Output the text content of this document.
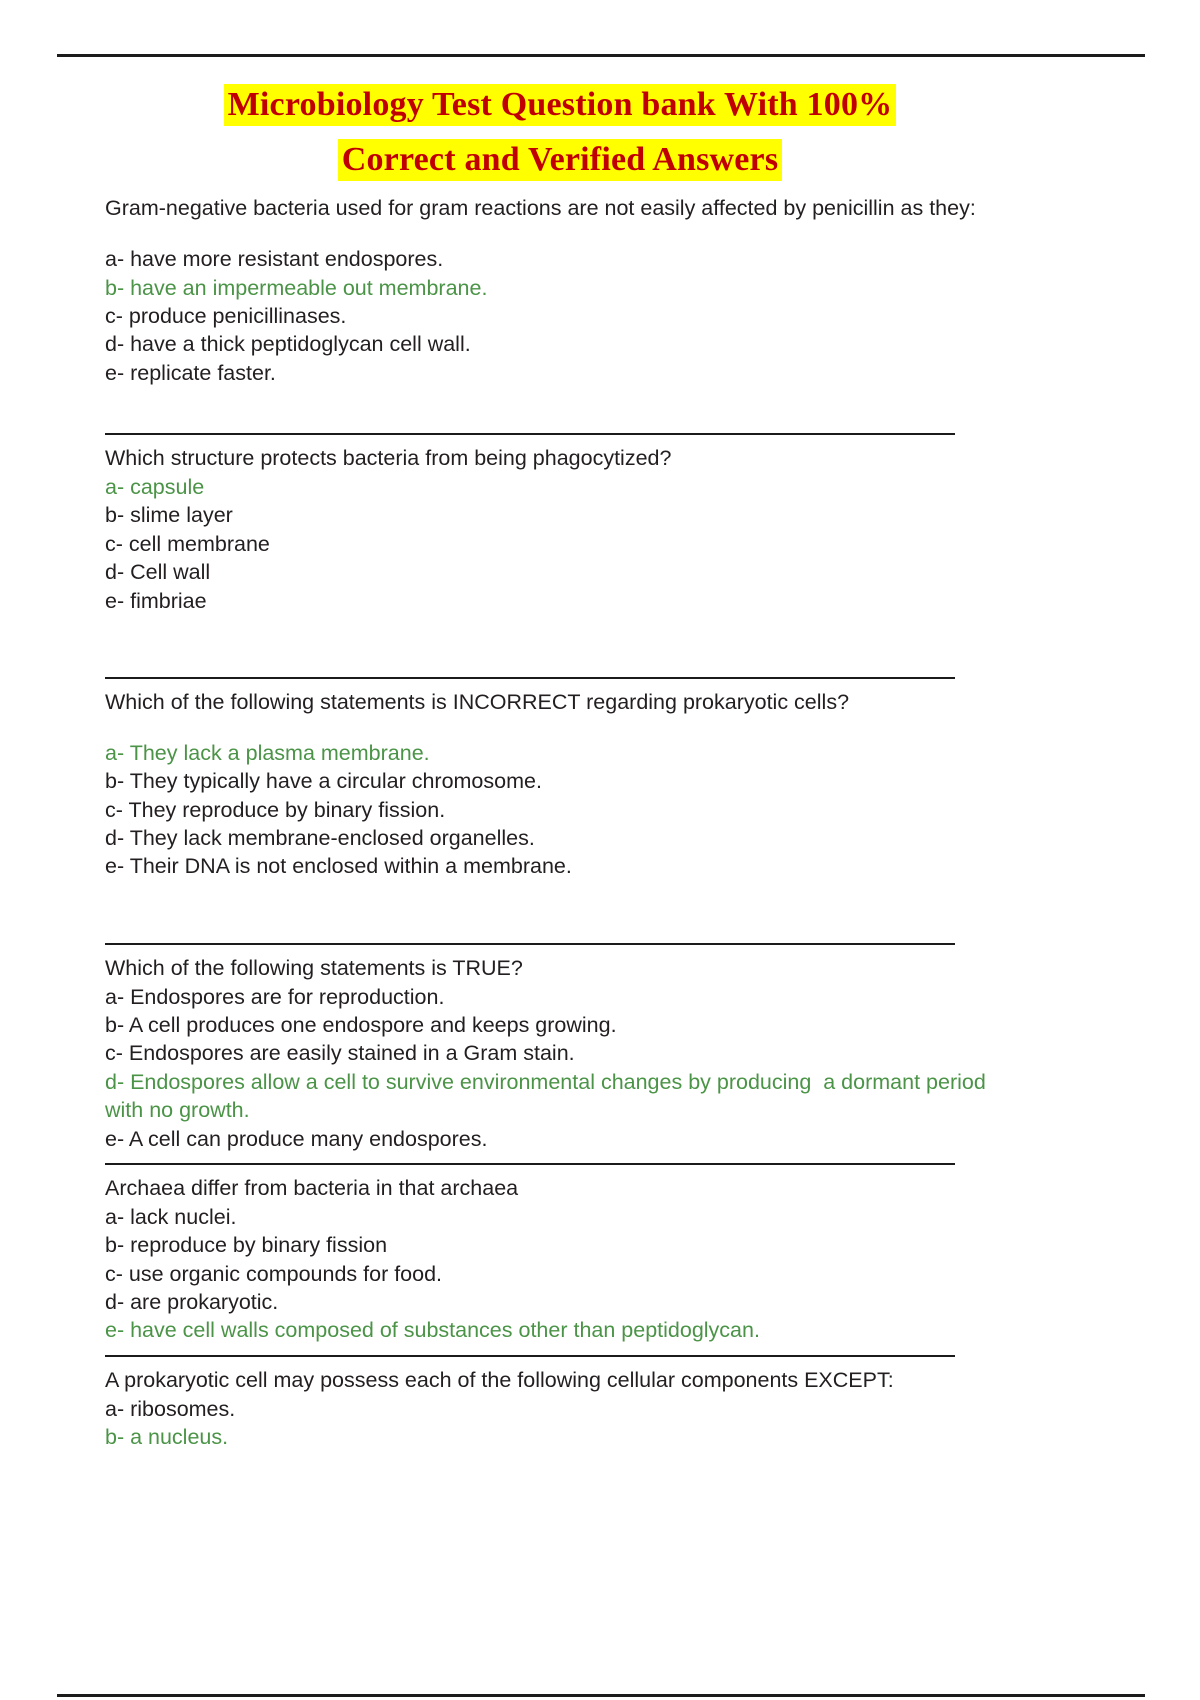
Microbiology Test Question bank With 100%
Correct and Verified Answers

Gram-negative bacteria used for gram reactions are not easily affected by penicillin as they:

a- have more resistant endospores.
b- have an impermeable out membrane.
c- produce penicillinases.
d- have a thick peptidoglycan cell wall.
e- replicate faster.

Which structure protects bacteria from being phagocytized?

a- capsule
b- slime layer
c- cell membrane
d- Cell wall
e- fimbriae

Which of the following statements is INCORRECT regarding prokaryotic cells?

a- They lack a plasma membrane.
b- They typically have a circular chromosome.
c- They reproduce by binary fission.
d- They lack membrane-enclosed organelles.
e- Their DNA is not enclosed within a membrane.

Which of the following statements is TRUE?

a- Endospores are for reproduction.
b- A cell produces one endospore and keeps growing.
c- Endospores are easily stained in a Gram stain.
d- Endospores allow a cell to survive environmental changes by producing  a dormant period with no growth.
e- A cell can produce many endospores.

Archaea differ from bacteria in that archaea

a- lack nuclei.
b- reproduce by binary fission
c- use organic compounds for food.
d- are prokaryotic.
e- have cell walls composed of substances other than peptidoglycan.

A prokaryotic cell may possess each of the following cellular components EXCEPT:

a- ribosomes.
b- a nucleus.
